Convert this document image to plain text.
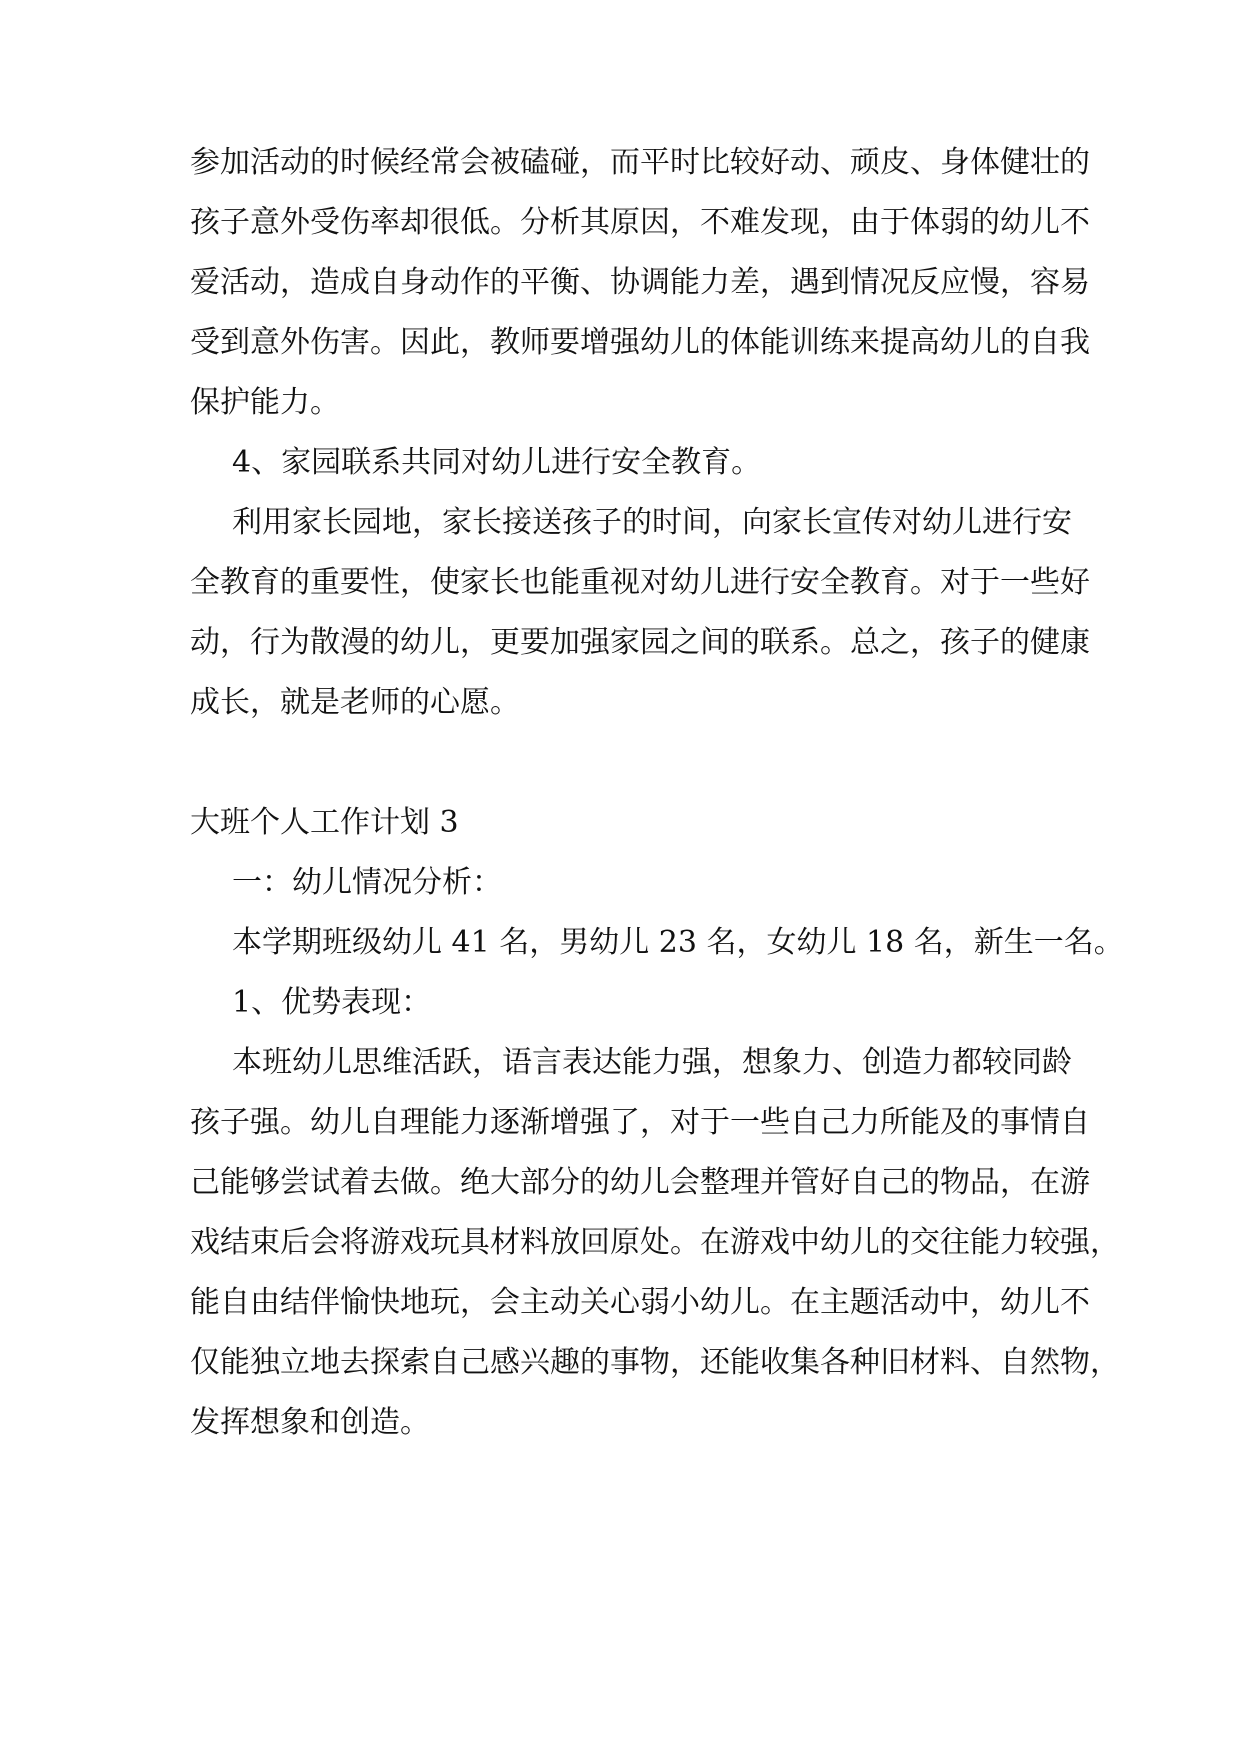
参加活动的时候经常会被磕碰，而平时比较好动、顽皮、身体健壮的
孩子意外受伤率却很低。分析其原因，不难发现，由于体弱的幼儿不
爱活动，造成自身动作的平衡、协调能力差，遇到情况反应慢，容易
受到意外伤害。因此，教师要增强幼儿的体能训练来提高幼儿的自我
保护能力。
4、家园联系共同对幼儿进行安全教育。
利用家长园地，家长接送孩子的时间，向家长宣传对幼儿进行安
全教育的重要性，使家长也能重视对幼儿进行安全教育。对于一些好
动，行为散漫的幼儿，更要加强家园之间的联系。总之，孩子的健康
成长，就是老师的心愿。
大班个人工作计划 3
一：幼儿情况分析：
本学期班级幼儿 41 名，男幼儿 23 名，女幼儿 18 名，新生一名。
1、优势表现：
本班幼儿思维活跃，语言表达能力强，想象力、创造力都较同龄
孩子强。幼儿自理能力逐渐增强了，对于一些自己力所能及的事情自
己能够尝试着去做。绝大部分的幼儿会整理并管好自己的物品，在游
戏结束后会将游戏玩具材料放回原处。在游戏中幼儿的交往能力较强，
能自由结伴愉快地玩，会主动关心弱小幼儿。在主题活动中，幼儿不
仅能独立地去探索自己感兴趣的事物，还能收集各种旧材料、自然物，
发挥想象和创造。
